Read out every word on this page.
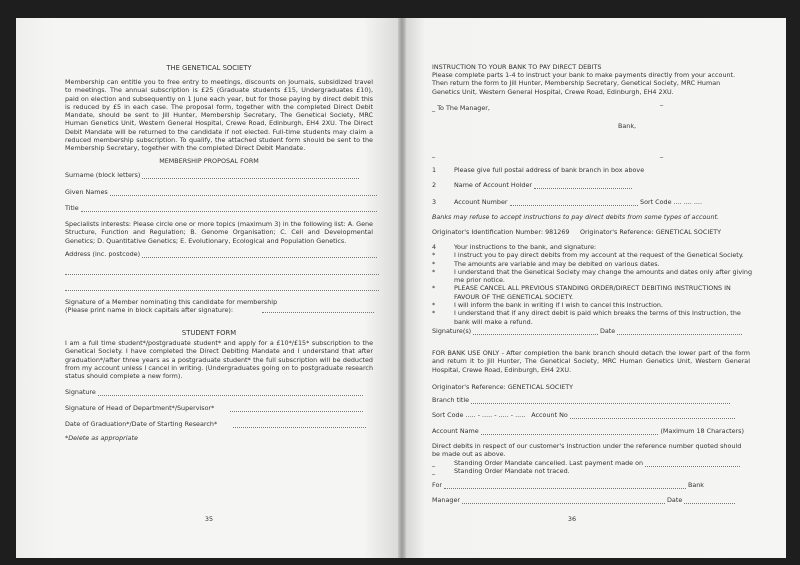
THE GENETICAL SOCIETY
Membership can entitle you to free entry to meetings, discounts on Journals, subsidized travel to meetings. The annual subscription is £25 (Graduate students £15, Undergraduates £10), paid on election and subsequently on 1 June each year, but for those paying by direct debit this is reduced by £5 in each case. The proposal form, together with the completed Direct Debit Mandate, should be sent to Jill Hunter, Membership Secretary, The Genetical Society, MRC Human Genetics Unit, Western General Hospital, Crewe Road, Edinburgh, EH4 2XU. The Direct Debit Mandate will be returned to the candidate if not elected. Full-time students may claim a reduced membership subscription. To qualify, the attached student form should be sent to the Membership Secretary, together with the completed Direct Debit Mandate.
MEMBERSHIP PROPOSAL FORM
Surname (block letters)
Given Names
Title
Specialists interests: Please circle one or more topics (maximum 3) in the following list: A. Gene Structure, Function and Regulation; B. Genome Organisation; C. Cell and Developmental Genetics; D. Quantitative Genetics; E. Evolutionary, Ecological and Population Genetics.
Address (inc. postcode)
Signature of a Member nominating this candidate for membership
(Please print name in block capitals after signature):
STUDENT FORM
I am a full time student*/postgraduate student* and apply for a £10*/£15* subscription to the Genetical Society. I have completed the Direct Debiting Mandate and I understand that after graduation*/after three years as a postgraduate student* the full subscription will be deducted from my account unless I cancel in writing. (Undergraduates going on to postgraduate research status should complete a new form).
Signature
Signature of Head of Department*/Supervisor*
Date of Graduation*/Date of Starting Research*
*Delete as appropriate
35
INSTRUCTION TO YOUR BANK TO PAY DIRECT DEBITS
Please complete parts 1-4 to instruct your bank to make payments directly from your account. Then return the form to Jill Hunter, Membership Secretary, Genetical Society, MRC Human Genetics Unit, Western General Hospital, Crewe Road, Edinburgh, EH4 2XU.
_ To The Manager,
_
Bank,
_	_
1	Please give full postal address of bank branch in box above
2	Name of Account Holder
3	Account Number	Sort Code .... .... ....
Banks may refuse to accept instructions to pay direct debits from some types of account.
Originator's Identification Number: 981269 Originator's Reference: GENETICAL SOCIETY
4	Your instructions to the bank, and signature:
*	I instruct you to pay direct debits from my account at the request of the Genetical Society.
*	The amounts are variable and may be debited on various dates.
*	I understand that the Genetical Society may change the amounts and dates only after giving me prior notice.
*	PLEASE CANCEL ALL PREVIOUS STANDING ORDER/DIRECT DEBITING INSTRUCTIONS IN FAVOUR OF THE GENETICAL SOCIETY.
*	I will inform the bank in writing if I wish to cancel this Instruction.
*	I understand that if any direct debit is paid which breaks the terms of this Instruction, the bank will make a refund.
Signature(s)	Date
FOR BANK USE ONLY - After completion the bank branch should detach the lower part of the form and return it to Jill Hunter, The Genetical Society, MRC Human Genetics Unit, Western General Hospital, Crewe Road, Edinburgh, EH4 2XU.
Originator's Reference: GENETICAL SOCIETY
Branch title
Sort Code ..... - ..... - ..... - ..... Account No
Account Name	(Maximum 18 Characters)
Direct debits in respect of our customer's Instruction under the reference number quoted should be made out as above.
_	Standing Order Mandate cancelled. Last payment made on
_	Standing Order Mandate not traced.
For	Bank
Manager	Date
36
